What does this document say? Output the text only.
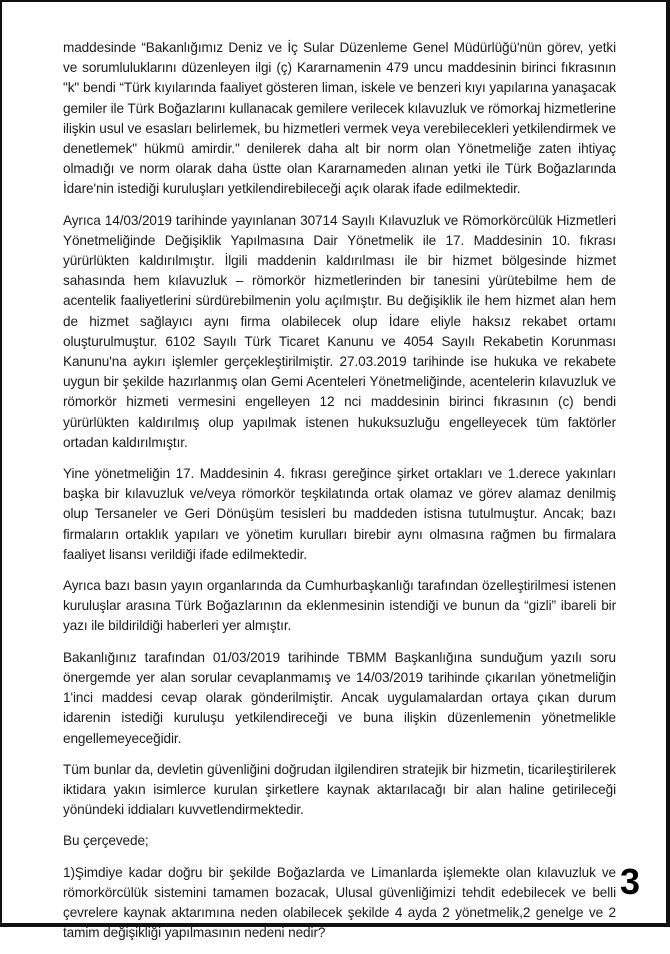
maddesinde “Bakanlığımız Deniz ve İç Sular Düzenleme Genel Müdürlüğü'nün görev, yetki ve sorumluluklarını düzenleyen ilgi (ç) Kararnamenin 479 uncu maddesinin birinci fıkrasının "k" bendi “Türk kıyılarında faaliyet gösteren liman, iskele ve benzeri kıyı yapılarına yanaşacak gemiler ile Türk Boğazlarını kullanacak gemilere verilecek kılavuzluk ve römorkaj hizmetlerine ilişkin usul ve esasları belirlemek, bu hizmetleri vermek veya verebilecekleri yetkilendirmek ve denetlemek" hükmü amirdir." denilerek daha alt bir norm olan Yönetmeliğe zaten ihtiyaç olmadığı ve norm olarak daha üstte olan Kararnameden alınan yetki ile Türk Boğazlarında İdare'nin istediği kuruluşları yetkilendirebileceği açık olarak ifade edilmektedir.

Ayrıca 14/03/2019 tarihinde yayınlanan 30714 Sayılı Kılavuzluk ve Römorkörcülük Hizmetleri Yönetmeliğinde Değişiklik Yapılmasına Dair Yönetmelik ile 17. Maddesinin 10. fıkrası yürürlükten kaldırılmıştır. İlgili maddenin kaldırılması ile bir hizmet bölgesinde hizmet sahasında hem kılavuzluk – römorkör hizmetlerinden bir tanesini yürütebilme hem de acentelik faaliyetlerini sürdürebilmenin yolu açılmıştır. Bu değişiklik ile hem hizmet alan hem de hizmet sağlayıcı aynı firma olabilecek olup İdare eliyle haksız rekabet ortamı oluşturulmuştur. 6102 Sayılı Türk Ticaret Kanunu ve 4054 Sayılı Rekabetin Korunması Kanunu'na aykırı işlemler gerçekleştirilmiştir. 27.03.2019 tarihinde ise hukuka ve rekabete uygun bir şekilde hazırlanmış olan Gemi Acenteleri Yönetmeliğinde, acentelerin kılavuzluk ve römorkör hizmeti vermesini engelleyen 12 nci maddesinin birinci fıkrasının (c) bendi yürürlükten kaldırılmış olup yapılmak istenen hukuksuzluğu engelleyecek tüm faktörler ortadan kaldırılmıştır.

Yine yönetmeliğin 17. Maddesinin 4. fıkrası gereğince şirket ortakları ve 1.derece yakınları başka bir kılavuzluk ve/veya römorkör teşkilatında ortak olamaz ve görev alamaz denilmiş olup Tersaneler ve Geri Dönüşüm tesisleri bu maddeden istisna tutulmuştur. Ancak; bazı firmaların ortaklık yapıları ve yönetim kurulları birebir aynı olmasına rağmen bu firmalara faaliyet lisansı verildiği ifade edilmektedir.

Ayrıca bazı basın yayın organlarında da Cumhurbaşkanlığı tarafından özelleştirilmesi istenen kuruluşlar arasına Türk Boğazlarının da eklenmesinin istendiği ve bunun da “gizli” ibareli bir yazı ile bildirildiği haberleri yer almıştır.

Bakanlığınız tarafından 01/03/2019 tarihinde TBMM Başkanlığına sunduğum yazılı soru önergemde yer alan sorular cevaplanmamış ve 14/03/2019 tarihinde çıkarılan yönetmeliğin 1'inci maddesi cevap olarak gönderilmiştir. Ancak uygulamalardan ortaya çıkan durum idarenin istediği kuruluşu yetkilendireceği ve buna ilişkin düzenlemenin yönetmelikle engellemeyeceğidir.

Tüm bunlar da, devletin güvenliğini doğrudan ilgilendiren stratejik bir hizmetin, ticarileştirilerek iktidara yakın isimlerce kurulan şirketlere kaynak aktarılacağı bir alan haline getirileceği yönündeki iddiaları kuvvetlendirmektedir.

Bu çerçevede;

1)Şimdiye kadar doğru bir şekilde Boğazlarda ve Limanlarda işlemekte olan kılavuzluk ve römorkörcülük sistemini tamamen bozacak, Ulusal güvenliğimizi tehdit edebilecek ve belli çevrelere kaynak aktarımına neden olabilecek şekilde 4 ayda 2 yönetmelik,2 genelge ve 2 tamim değişikliği yapılmasının nedeni nedir?

3
